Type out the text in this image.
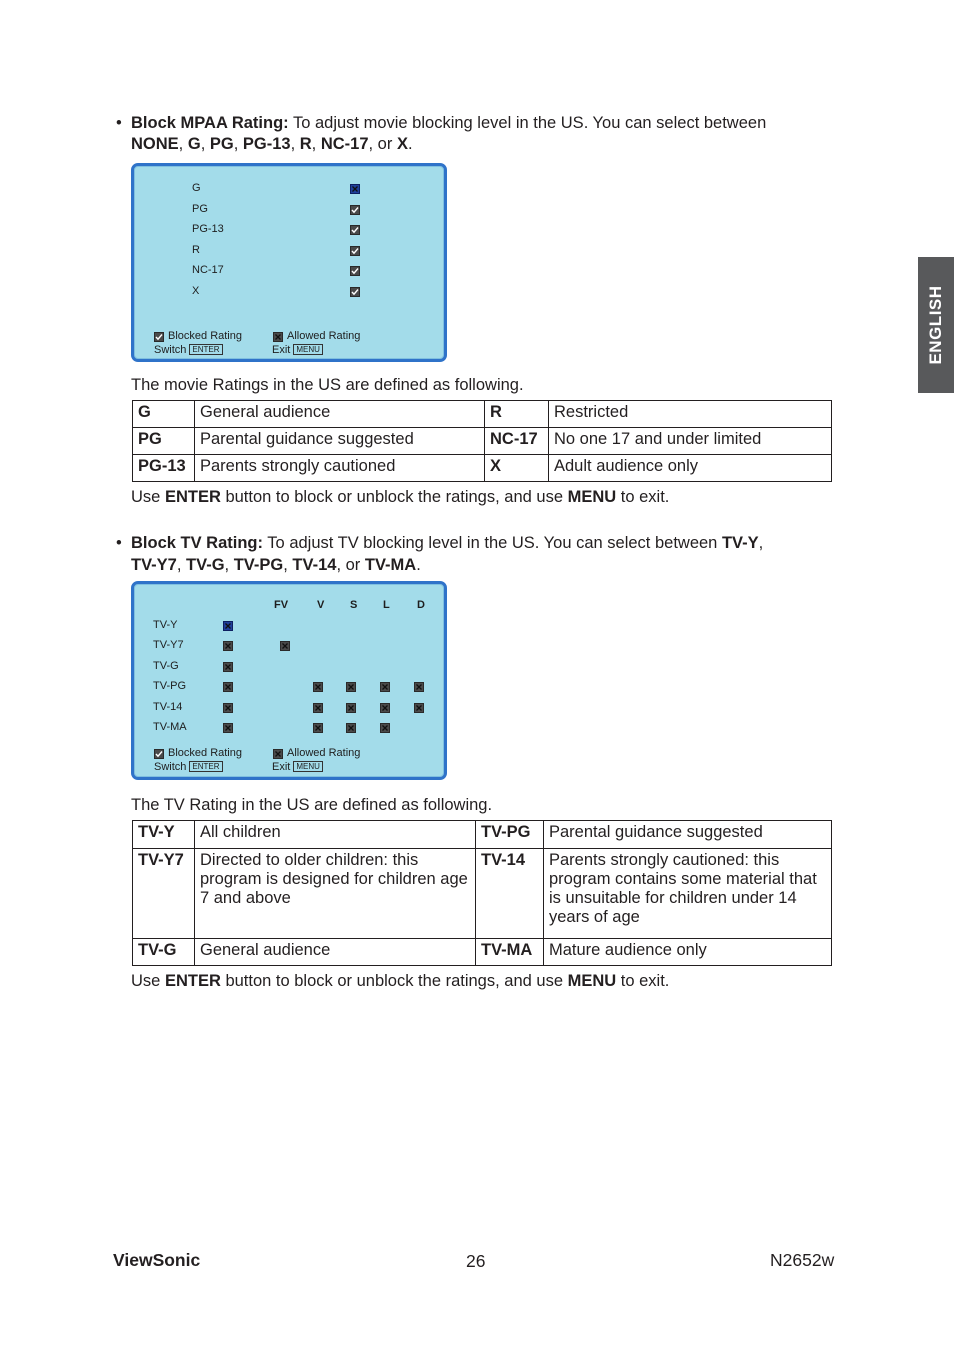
ENGLISH
• Block MPAA Rating: To adjust movie blocking level in the US. You can select between
NONE, G, PG, PG-13, R, NC-17, or X.
G
PG
PG-13
R
NC-17
X
Blocked Rating	Allowed Rating
Switch ENTER	Exit MENU
The movie Ratings in the US are defined as following.
G	General audience	R	Restricted
PG	Parental guidance suggested	NC-17	No one 17 and under limited
PG-13	Parents strongly cautioned	X	Adult audience only
Use ENTER button to block or unblock the ratings, and use MENU to exit.
• Block TV Rating: To adjust TV blocking level in the US. You can select between TV-Y,
TV-Y7, TV-G, TV-PG, TV-14, or TV-MA.
FV	V S L D
TV-Y
TV-Y7
TV-G
TV-PG
TV-14
TV-MA
Blocked Rating	Allowed Rating
Switch ENTER	Exit MENU
The TV Rating in the US are defined as following.
TV-Y	All children	TV-PG	Parental guidance suggested
TV-Y7	Directed to older children: this program is designed for children age 7 and above	TV-14	Parents strongly cautioned: this program contains some material that is unsuitable for children under 14 years of age
TV-G	General audience	TV-MA	Mature audience only
Use ENTER button to block or unblock the ratings, and use MENU to exit.
ViewSonic	26	N2652w
